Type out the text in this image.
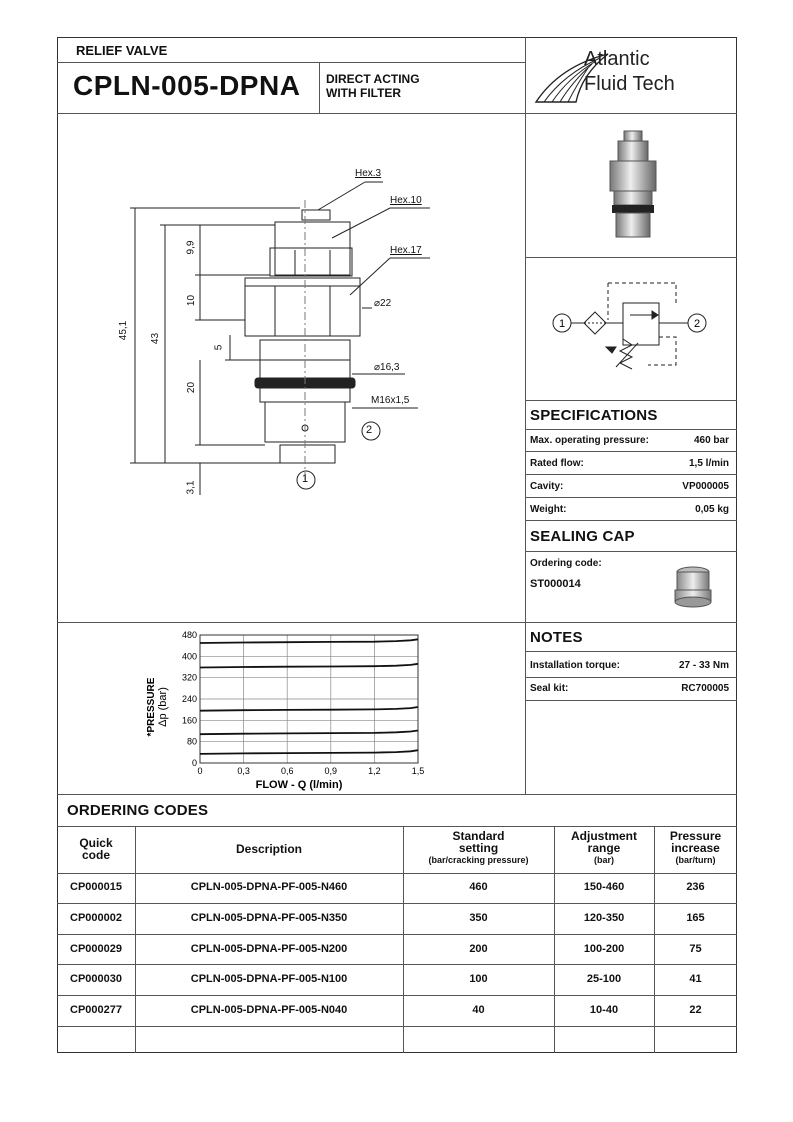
RELIEF VALVE
CPLN-005-DPNA DIRECT ACTING
WITH FILTER
Atlantic
Fluid Tech
Hex.3
Hex.10
Hex.17
⌀22
⌀16,3
M16x1,5
2
1
45,1 43
9,9
10
5
20
3,1
1	2
SPECIFICATIONS
Max. operating pressure:	460 bar
Rated flow:	1,5 l/min
Cavity:	VP000005
Weight:	0,05 kg
SEALING CAP
Ordering code:
ST000014
NOTES
Installation torque:	27 - 33 Nm
Seal kit:	RC700005
0	0,3	0,6	0,9	1,2	1,5
0
80
160
240
320
400
480
FLOW - Q (l/min)
*PRESSURE Δp (bar)
ORDERING CODES
Quick
code	Description
Standard
setting
(bar/cracking pressure)
Adjustment
range
(bar)
Pressure
increase
(bar/turn)
CP000015	CPLN-005-DPNA-PF-005-N460	460	150-460	236
CP000002	CPLN-005-DPNA-PF-005-N350	350	120-350	165
CP000029	CPLN-005-DPNA-PF-005-N200	200	100-200	75
CP000030	CPLN-005-DPNA-PF-005-N100	100	25-100	41
CP000277	CPLN-005-DPNA-PF-005-N040	40	10-40	22
